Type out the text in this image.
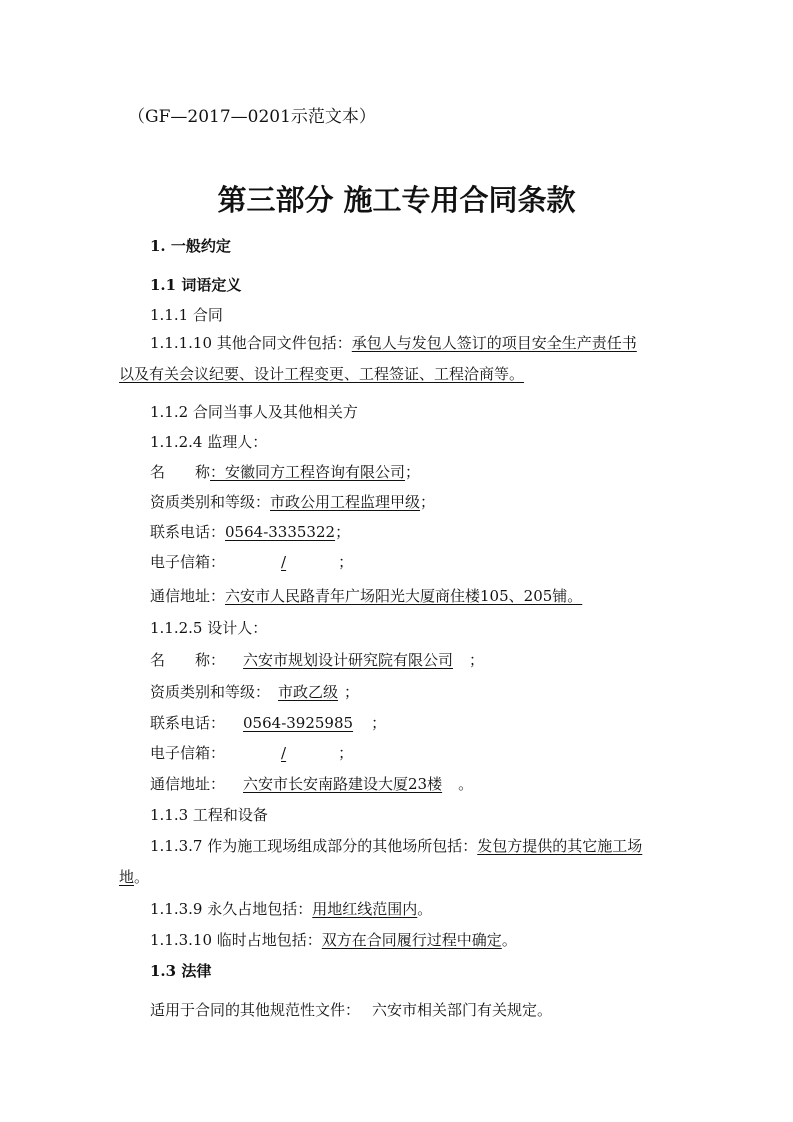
（GF—2017—0201示范文本）
第三部分 施工专用合同条款
1. 一般约定
1.1 词语定义
1.1.1 合同
1.1.1.10 其他合同文件包括：承包人与发包人签订的项目安全生产责任书
以及有关会议纪要、设计工程变更、工程签证、工程洽商等。
1.1.2 合同当事人及其他相关方
1.1.2.4 监理人：
名　　称：安徽同方工程咨询有限公司；
资质类别和等级：市政公用工程监理甲级；
联系电话：0564-3335322；
电子信箱：	/	；
通信地址：六安市人民路青年广场阳光大厦商住楼105、205铺。
1.1.2.5 设计人：
名　　称： 六安市规划设计研究院有限公司 ；
资质类别和等级： 市政乙级 ；
联系电话： 0564-3925985 ；
电子信箱：	/	；
通信地址： 六安市长安南路建设大厦23楼 。
1.1.3 工程和设备
1.1.3.7 作为施工现场组成部分的其他场所包括：发包方提供的其它施工场
地。
1.1.3.9 永久占地包括：用地红线范围内。
1.1.3.10 临时占地包括：双方在合同履行过程中确定。
1.3 法律
适用于合同的其他规范性文件： 六安市相关部门有关规定。
